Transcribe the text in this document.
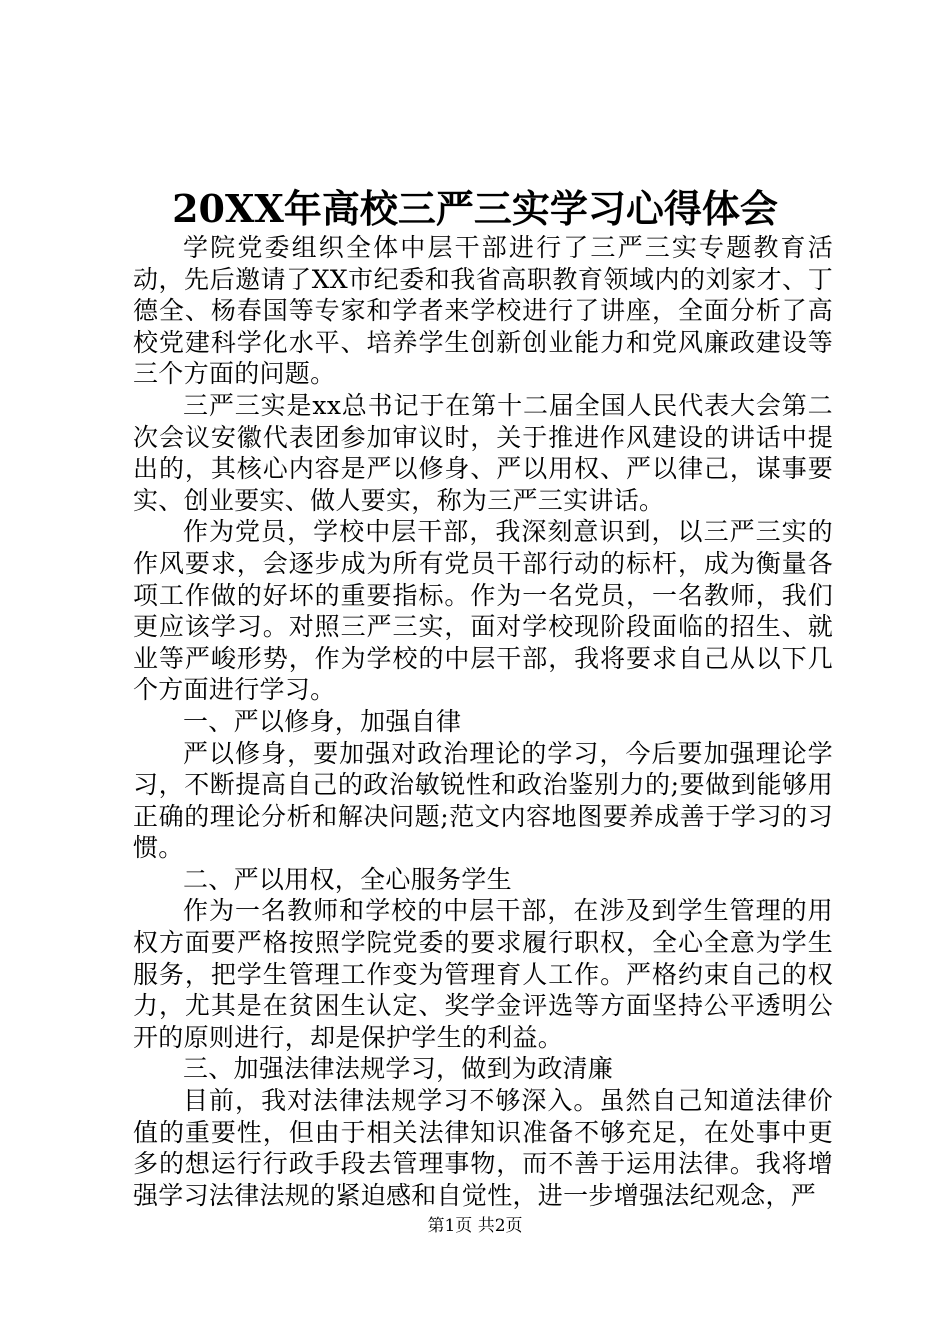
20XX年高校三严三实学习心得体会

学院党委组织全体中层干部进行了三严三实专题教育活动，先后邀请了XX市纪委和我省高职教育领域内的刘家才、丁德全、杨春国等专家和学者来学校进行了讲座，全面分析了高校党建科学化水平、培养学生创新创业能力和党风廉政建设等三个方面的问题。

三严三实是xx总书记于在第十二届全国人民代表大会第二次会议安徽代表团参加审议时，关于推进作风建设的讲话中提出的，其核心内容是严以修身、严以用权、严以律己，谋事要实、创业要实、做人要实，称为三严三实讲话。

作为党员，学校中层干部，我深刻意识到，以三严三实的作风要求，会逐步成为所有党员干部行动的标杆，成为衡量各项工作做的好坏的重要指标。作为一名党员，一名教师，我们更应该学习。对照三严三实，面对学校现阶段面临的招生、就业等严峻形势，作为学校的中层干部，我将要求自己从以下几个方面进行学习。

一、严以修身，加强自律

严以修身，要加强对政治理论的学习，今后要加强理论学习，不断提高自己的政治敏锐性和政治鉴别力的;要做到能够用正确的理论分析和解决问题;范文内容地图要养成善于学习的习惯。

二、严以用权，全心服务学生

作为一名教师和学校的中层干部，在涉及到学生管理的用权方面要严格按照学院党委的要求履行职权，全心全意为学生服务，把学生管理工作变为管理育人工作。严格约束自己的权力，尤其是在贫困生认定、奖学金评选等方面坚持公平透明公开的原则进行，却是保护学生的利益。

三、加强法律法规学习，做到为政清廉

目前，我对法律法规学习不够深入。虽然自己知道法律价值的重要性，但由于相关法律知识准备不够充足，在处事中更多的想运行行政手段去管理事物，而不善于运用法律。我将增强学习法律法规的紧迫感和自觉性，进一步增强法纪观念，严

第1页 共2页
